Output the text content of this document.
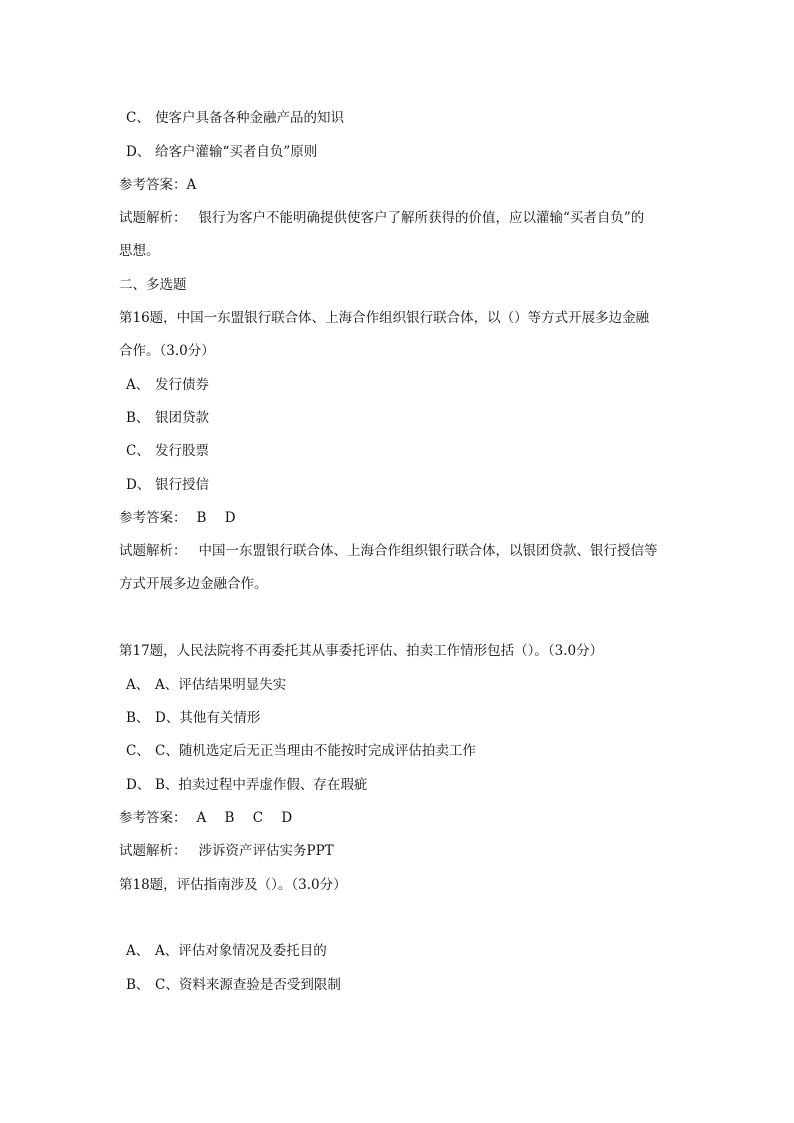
C、 使客户具备各种金融产品的知识
D、 给客户灌输“买者自负”原则
参考答案：A
试题解析： 银行为客户不能明确提供使客户了解所获得的价值，应以灌输“买者自负”的
思想。
二、多选题
第16题，中国一东盟银行联合体、上海合作组织银行联合体，以（）等方式开展多边金融
合作。（3.0分）
A、 发行债券
B、 银团贷款
C、 发行股票
D、 银行授信
参考答案： B D
试题解析： 中国一东盟银行联合体、上海合作组织银行联合体，以银团贷款、银行授信等
方式开展多边金融合作。
第17题，人民法院将不再委托其从事委托评估、拍卖工作情形包括（）。（3.0分）
A、 A、评估结果明显失实
B、 D、其他有关情形
C、 C、随机选定后无正当理由不能按时完成评估拍卖工作
D、 B、拍卖过程中弄虚作假、存在瑕疵
参考答案： A B C D
试题解析： 涉诉资产评估实务PPT
第18题，评估指南涉及（）。（3.0分）
A、 A、评估对象情况及委托目的
B、 C、资料来源查验是否受到限制
